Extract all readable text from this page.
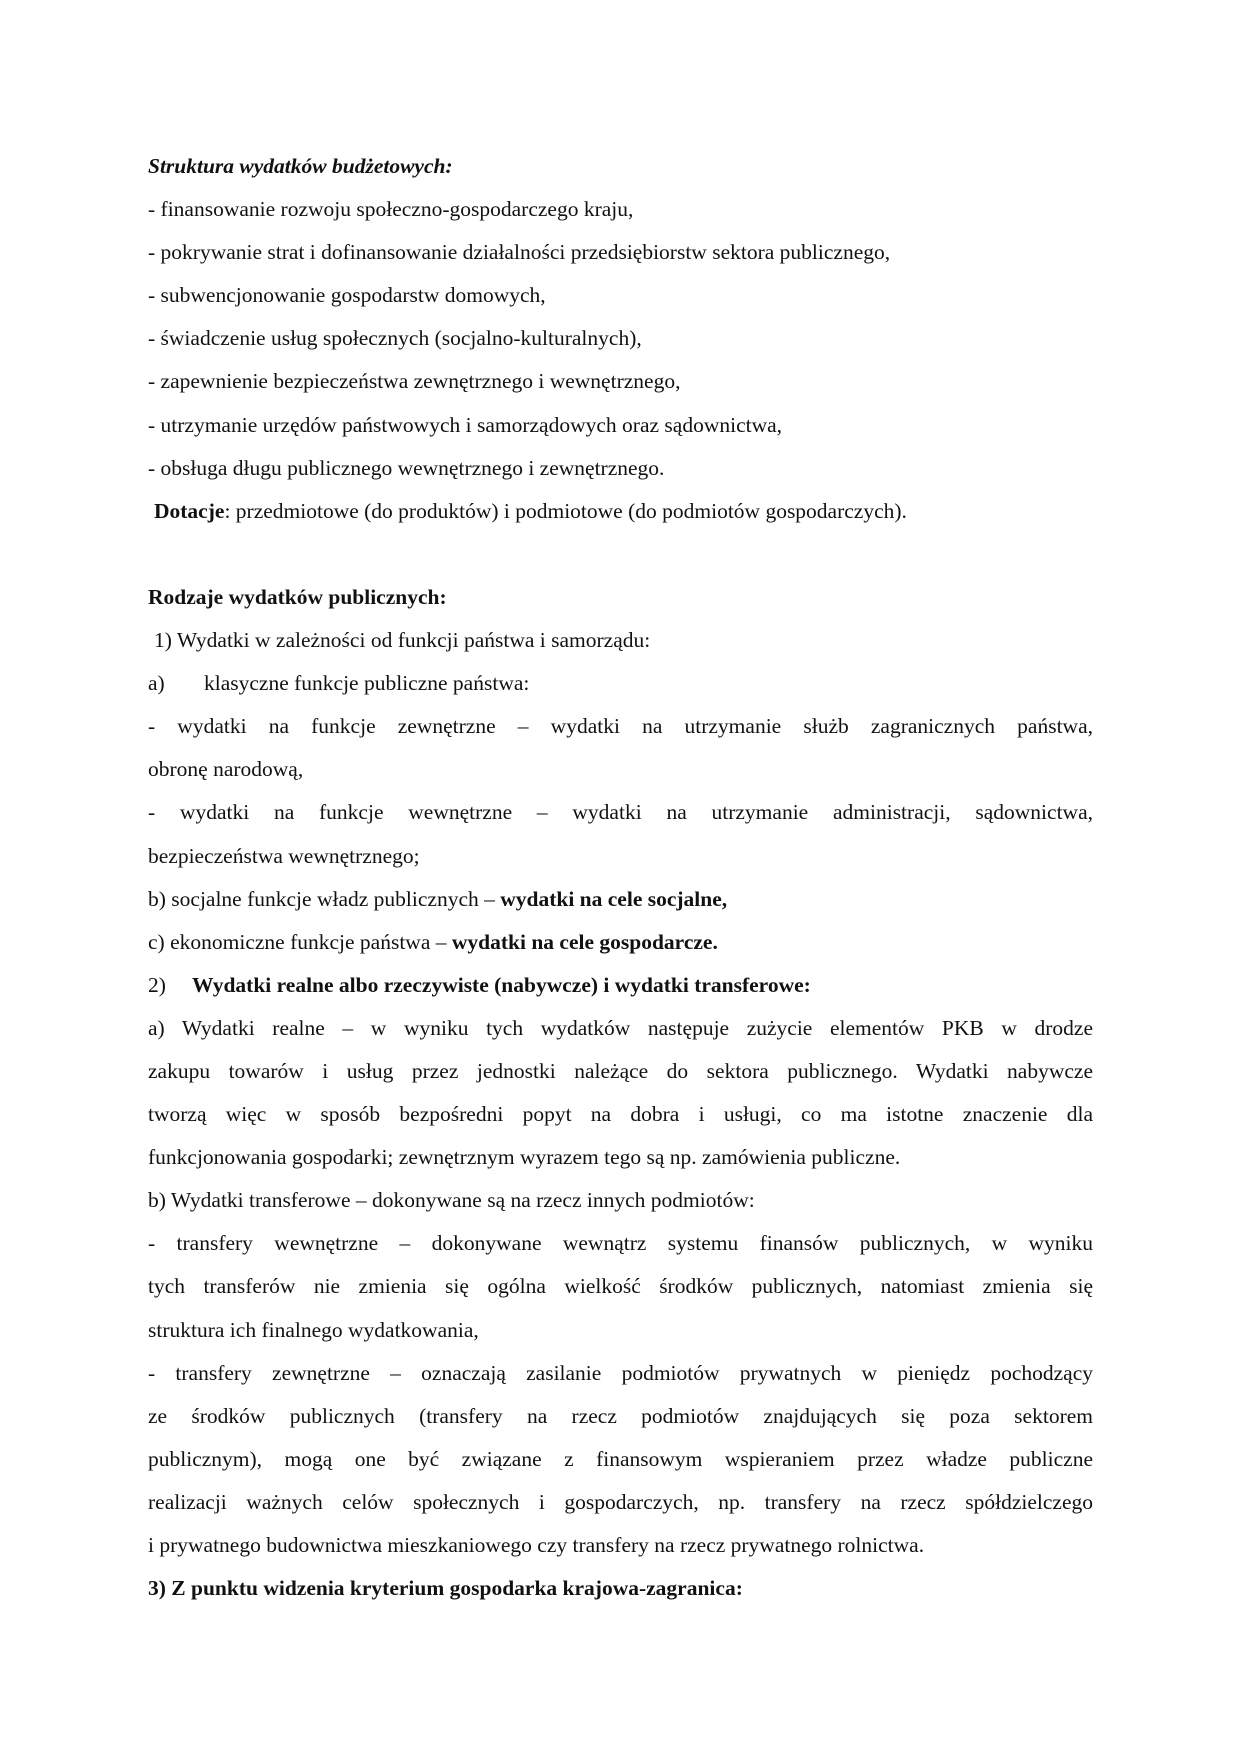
Struktura wydatków budżetowych:
- finansowanie rozwoju społeczno-gospodarczego kraju,
- pokrywanie strat i dofinansowanie działalności przedsiębiorstw sektora publicznego,
- subwencjonowanie gospodarstw domowych,
- świadczenie usług społecznych (socjalno-kulturalnych),
- zapewnienie bezpieczeństwa zewnętrznego i wewnętrznego,
- utrzymanie urzędów państwowych i samorządowych oraz sądownictwa,
- obsługa długu publicznego wewnętrznego i zewnętrznego.
Dotacje: przedmiotowe (do produktów) i podmiotowe (do podmiotów gospodarczych).
Rodzaje wydatków publicznych:
1) Wydatki w zależności od funkcji państwa i samorządu:
a) klasyczne funkcje publiczne państwa:
- wydatki na funkcje zewnętrzne – wydatki na utrzymanie służb zagranicznych państwa,
obronę narodową,
- wydatki na funkcje wewnętrzne – wydatki na utrzymanie administracji, sądownictwa,
bezpieczeństwa wewnętrznego;
b) socjalne funkcje władz publicznych – wydatki na cele socjalne,
c) ekonomiczne funkcje państwa – wydatki na cele gospodarcze.
2) Wydatki realne albo rzeczywiste (nabywcze) i wydatki transferowe:
a) Wydatki realne – w wyniku tych wydatków następuje zużycie elementów PKB w drodze
zakupu towarów i usług przez jednostki należące do sektora publicznego. Wydatki nabywcze
tworzą więc w sposób bezpośredni popyt na dobra i usługi, co ma istotne znaczenie dla
funkcjonowania gospodarki; zewnętrznym wyrazem tego są np. zamówienia publiczne.
b) Wydatki transferowe – dokonywane są na rzecz innych podmiotów:
- transfery wewnętrzne – dokonywane wewnątrz systemu finansów publicznych, w wyniku
tych transferów nie zmienia się ogólna wielkość środków publicznych, natomiast zmienia się
struktura ich finalnego wydatkowania,
- transfery zewnętrzne – oznaczają zasilanie podmiotów prywatnych w pieniędz pochodzący
ze środków publicznych (transfery na rzecz podmiotów znajdujących się poza sektorem
publicznym), mogą one być związane z finansowym wspieraniem przez władze publiczne
realizacji ważnych celów społecznych i gospodarczych, np. transfery na rzecz spółdzielczego
i prywatnego budownictwa mieszkaniowego czy transfery na rzecz prywatnego rolnictwa.
3) Z punktu widzenia kryterium gospodarka krajowa-zagranica:
